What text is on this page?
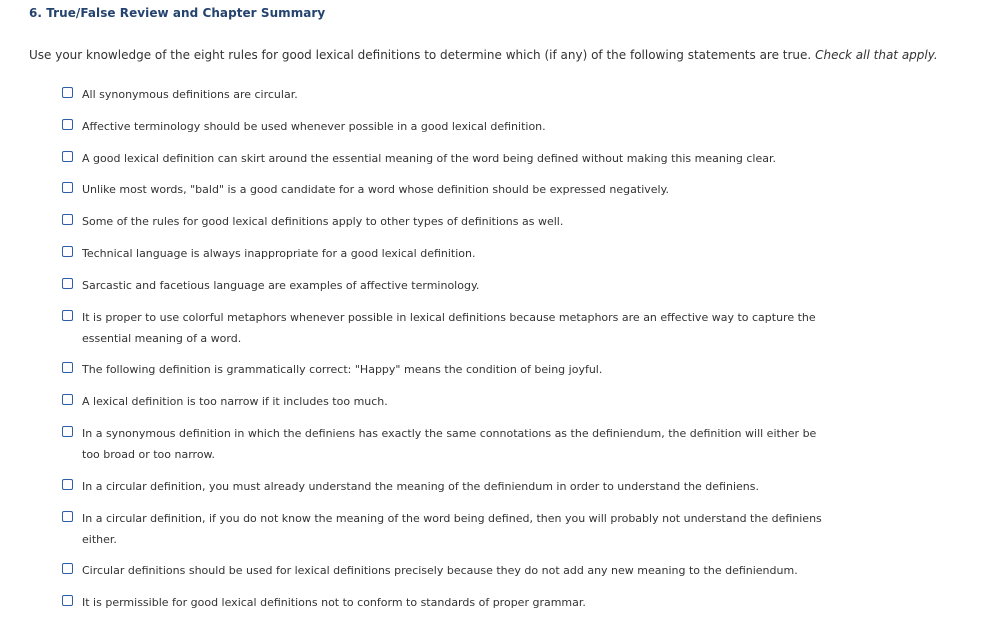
6. True/False Review and Chapter Summary
Use your knowledge of the eight rules for good lexical definitions to determine which (if any) of the following statements are true. Check all that apply.
All synonymous definitions are circular.
Affective terminology should be used whenever possible in a good lexical definition.
A good lexical definition can skirt around the essential meaning of the word being defined without making this meaning clear.
Unlike most words, "bald" is a good candidate for a word whose definition should be expressed negatively.
Some of the rules for good lexical definitions apply to other types of definitions as well.
Technical language is always inappropriate for a good lexical definition.
Sarcastic and facetious language are examples of affective terminology.
It is proper to use colorful metaphors whenever possible in lexical definitions because metaphors are an effective way to capture the essential meaning of a word.
The following definition is grammatically correct: "Happy" means the condition of being joyful.
A lexical definition is too narrow if it includes too much.
In a synonymous definition in which the definiens has exactly the same connotations as the definiendum, the definition will either be too broad or too narrow.
In a circular definition, you must already understand the meaning of the definiendum in order to understand the definiens.
In a circular definition, if you do not know the meaning of the word being defined, then you will probably not understand the definiens either.
Circular definitions should be used for lexical definitions precisely because they do not add any new meaning to the definiendum.
It is permissible for good lexical definitions not to conform to standards of proper grammar.
